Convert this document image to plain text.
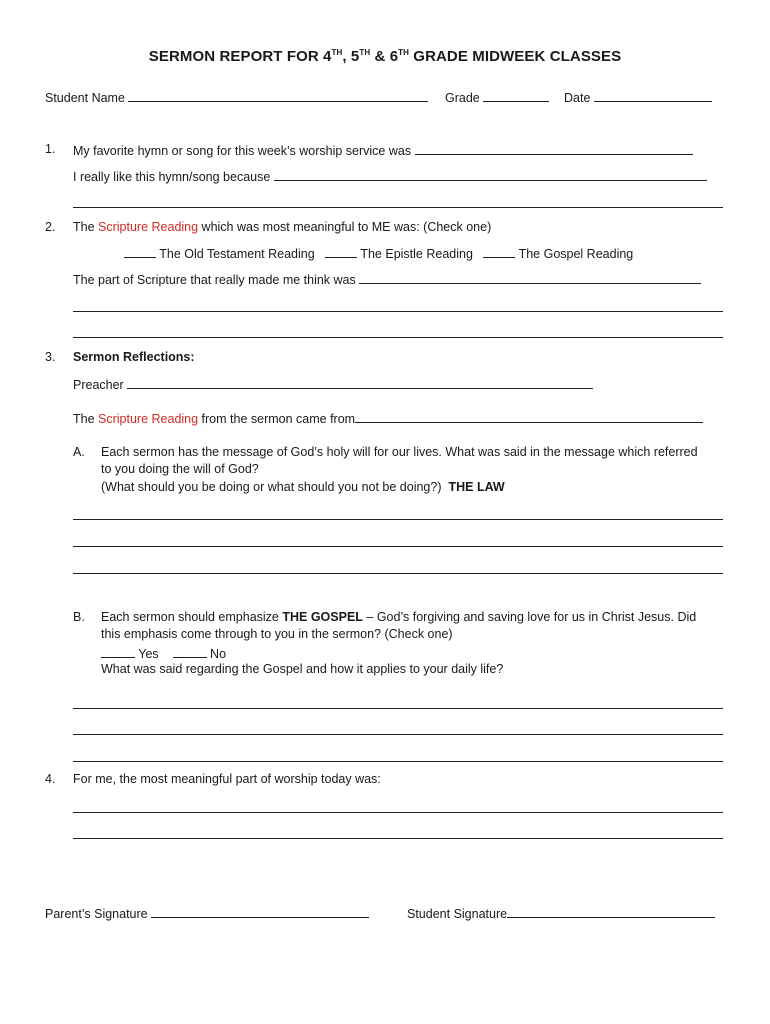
SERMON REPORT FOR 4TH, 5TH & 6TH GRADE MIDWEEK CLASSES
Student Name	Grade	Date
1. My favorite hymn or song for this week’s worship service was
I really like this hymn/song because
2. The Scripture Reading which was most meaningful to ME was: (Check one)
The Old Testament Reading	The Epistle Reading	The Gospel Reading
The part of Scripture that really made me think was
3. Sermon Reflections:
Preacher
The Scripture Reading from the sermon came from
A. Each sermon has the message of God’s holy will for our lives. What was said in the message which referred
to you doing the will of God?
(What should you be doing or what should you not be doing?) THE LAW
B. Each sermon should emphasize THE GOSPEL – God’s forgiving and saving love for us in Christ Jesus. Did
this emphasis come through to you in the sermon? (Check one)
Yes	No
What was said regarding the Gospel and how it applies to your daily life?
4. For me, the most meaningful part of worship today was:
Parent’s Signature	Student Signature
